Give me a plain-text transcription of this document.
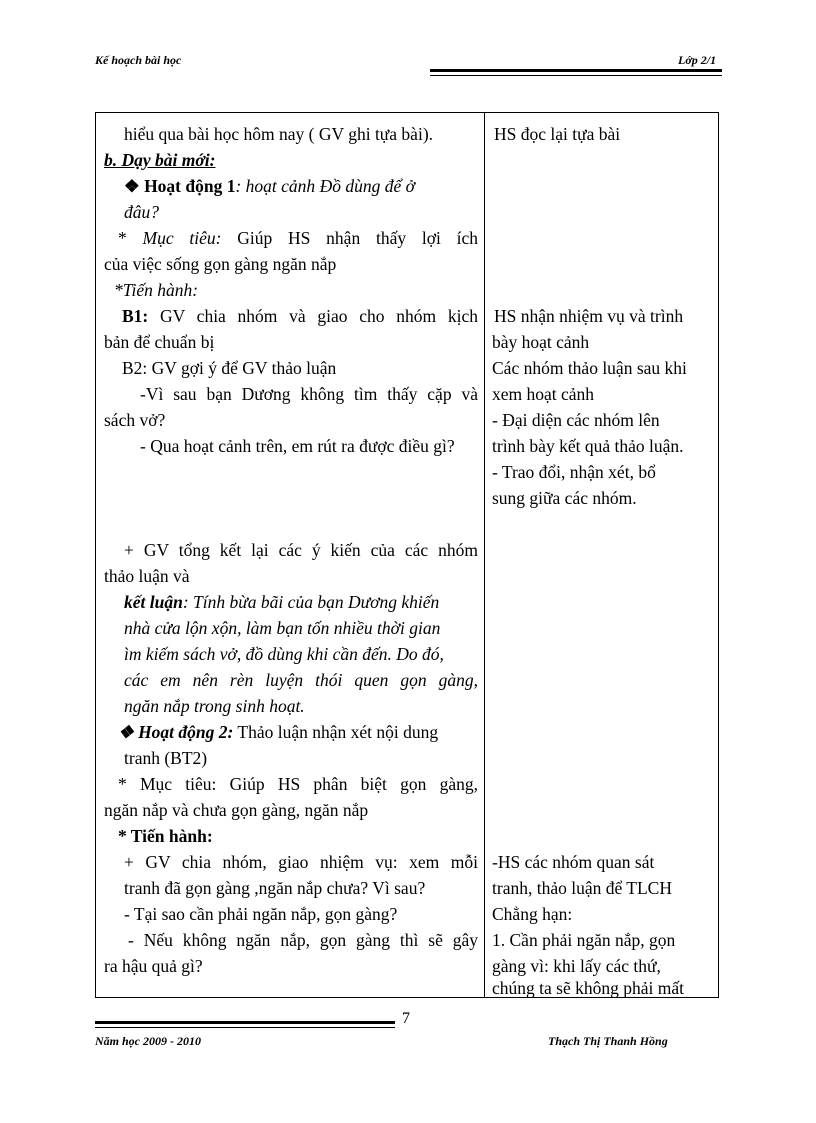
Kế hoạch bài học	Lớp 2/1
hiểu qua bài học hôm nay ( GV ghi tựa bài).
b. Dạy bài mới:
❖ Hoạt động 1: hoạt cảnh Đồ dùng để ở
đâu?
* Mục tiêu: Giúp HS nhận thấy lợi ích
của việc sống gọn gàng ngăn nắp
*Tiến hành:
B1: GV chia nhóm và giao cho nhóm kịch
bản để chuẩn bị
B2: GV gợi ý để GV thảo luận
-Vì sau bạn Dương không tìm thấy cặp và
sách vở?
- Qua hoạt cảnh trên, em rút ra được điều gì?
+ GV tổng kết lại các ý kiến của các nhóm
thảo luận và
kết luận: Tính bừa bãi của bạn Dương khiến
nhà cửa lộn xộn, làm bạn tốn nhiều thời gian
ìm kiếm sách vở, đồ dùng khi cần đến. Do đó,
các em nên rèn luyện thói quen gọn gàng,
ngăn nắp trong sinh hoạt.
❖ Hoạt động 2: Thảo luận nhận xét nội dung
tranh (BT2)
* Mục tiêu: Giúp HS phân biệt gọn gàng,
ngăn nắp và chưa gọn gàng, ngăn nắp
* Tiến hành:
+ GV chia nhóm, giao nhiệm vụ: xem mỗi
tranh đã gọn gàng ,ngăn nắp chưa? Vì sau?
- Tại sao cần phải ngăn nắp, gọn gàng?
- Nếu không ngăn nắp, gọn gàng thì sẽ gây
ra hậu quả gì?
HS đọc lại tựa bài
HS nhận nhiệm vụ và trình
bày hoạt cảnh
Các nhóm thảo luận sau khi
xem hoạt cảnh
- Đại diện các nhóm lên
trình bày kết quả thảo luận.
- Trao đổi, nhận xét, bổ
sung giữa các nhóm.
-HS các nhóm quan sát
tranh, thảo luận để TLCH
Chẳng hạn:
1. Cần phải ngăn nắp, gọn
gàng vì: khi lấy các thứ,
chúng ta sẽ không phải mất
7
Năm học 2009 - 2010	Thạch Thị Thanh Hồng
